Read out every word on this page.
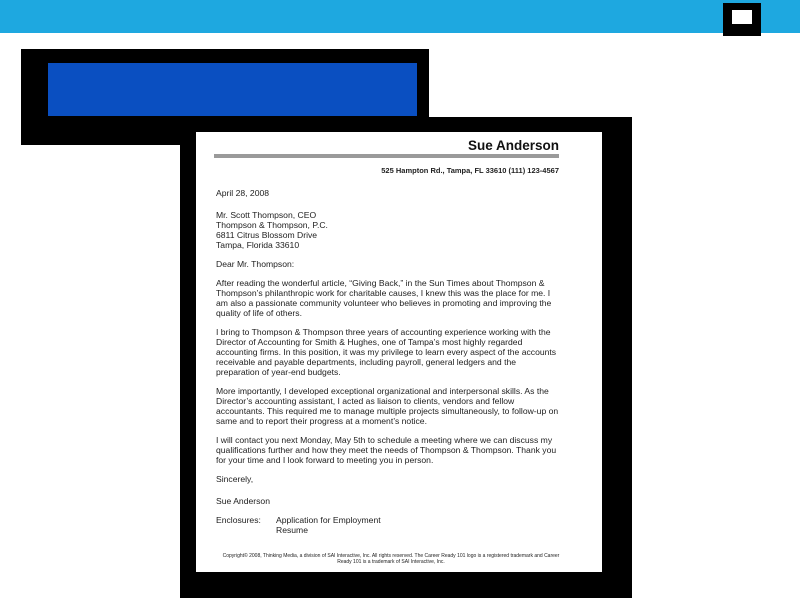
Sue Anderson
525 Hampton Rd., Tampa, FL 33610 (111) 123-4567

April 28, 2008

Mr. Scott Thompson, CEO
Thompson & Thompson, P.C.
6811 Citrus Blossom Drive
Tampa, Florida 33610

Dear Mr. Thompson:

After reading the wonderful article, “Giving Back,” in the Sun Times about Thompson & Thompson’s philanthropic work for charitable causes, I knew this was the place for me. I am also a passionate community volunteer who believes in promoting and improving the quality of life of others.

I bring to Thompson & Thompson three years of accounting experience working with the Director of Accounting for Smith & Hughes, one of Tampa’s most highly regarded accounting firms. In this position, it was my privilege to learn every aspect of the accounts receivable and payable departments, including payroll, general ledgers and the preparation of year-end budgets.

More importantly, I developed exceptional organizational and interpersonal skills. As the Director’s accounting assistant, I acted as liaison to clients, vendors and fellow accountants. This required me to manage multiple projects simultaneously, to follow-up on same and to report their progress at a moment’s notice.

I will contact you next Monday, May 5th to schedule a meeting where we can discuss my qualifications further and how they meet the needs of Thompson & Thompson. Thank you for your time and I look forward to meeting you in person.

Sincerely,

Sue Anderson

Enclosures:	Application for Employment
Resume
Copyright© 2008, Thinking Media, a division of SAI Interactive, Inc. All rights reserved. The Career Ready 101 logo is a registered trademark and Career Ready 101 is a trademark of SAI Interactive, Inc.
